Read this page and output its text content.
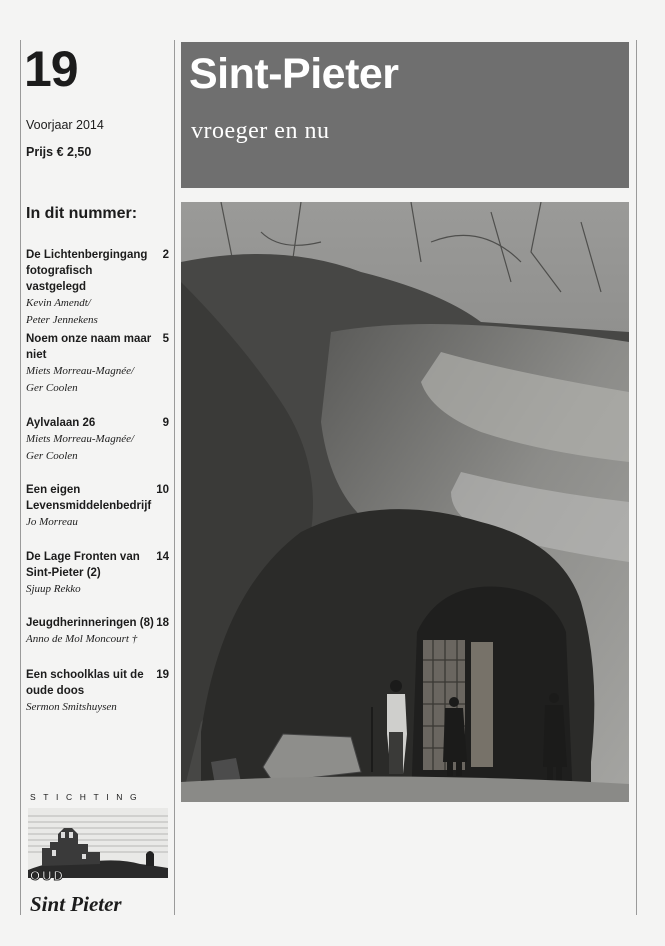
19
Voorjaar 2014
Prijs € 2,50
In dit nummer:
De Lichtenbergingang fotografisch vastgelegd
2
Kevin Amendt/
Peter Jennekens
Noem onze naam maar niet
5
Miets Morreau-Magnée/
Ger Coolen
Aylvalaan 26	9
Miets Morreau-Magnée/
Ger Coolen
Een eigen Levensmiddelenbedrijf
10
Jo Morreau
De Lage Fronten van Sint-Pieter (2)
14
Sjuup Rekko
Jeugdherinneringen (8) 18
Anno de Mol Moncourt †
Een schoolklas uit de oude doos
19
Sermon Smitshuysen
STICHTING
OUD
Sint Pieter
Sint-Pieter
vroeger en nu
